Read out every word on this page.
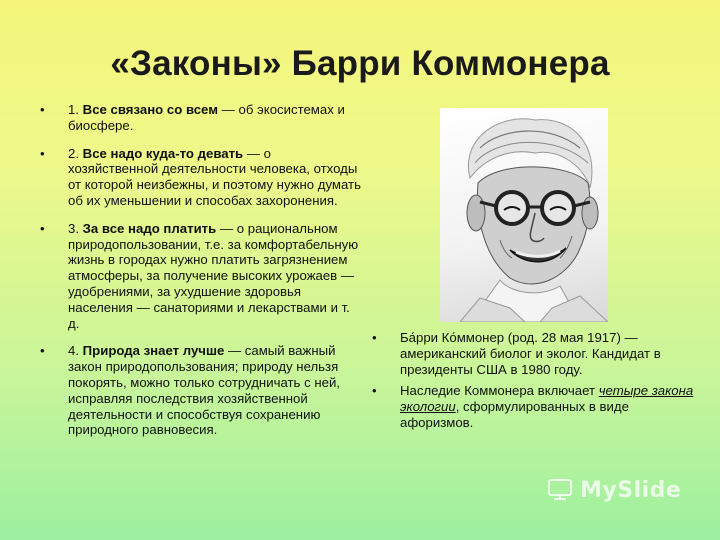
«Законы» Барри Коммонера
• 1. Все связано со всем — об экосистемах и биосфере.
• 2. Все надо куда-то девать — о хозяйственной деятельности человека, отходы от которой неизбежны, и поэтому нужно думать об их уменьшении и способах захоронения.
• 3. За все надо платить — о рациональном природопользовании, т.е. за комфортабельную жизнь в городах нужно платить загрязнением атмосферы, за получение высоких урожаев — удобрениями, за ухудшение здоровья населения — санаториями и лекарствами и т. д.
• 4. Природа знает лучше — самый важный закон природопользования; природу нельзя покорять, можно только сотрудничать с ней, исправляя последствия хозяйственной деятельности и способствуя сохранению природного равновесия.
• Ба́рри Ко́ммонер (род. 28 мая 1917) — американский биолог и эколог. Кандидат в президенты США в 1980 году.
• Наследие Коммонера включает четыре закона экологии, сформулированных в виде афоризмов.
MySlide
